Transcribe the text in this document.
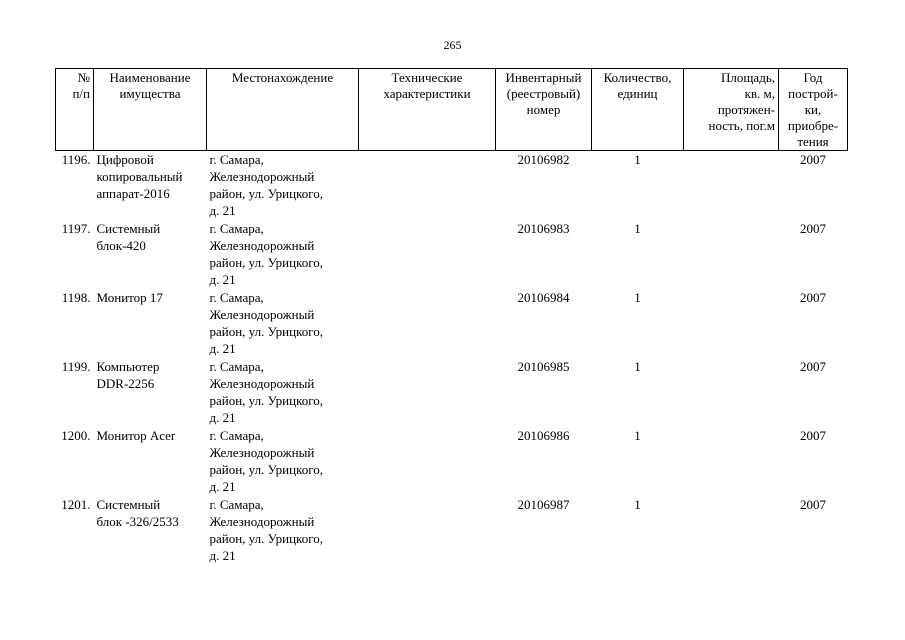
265
№
п/п	Наименование
имущества	Местонахождение	Технические
характеристики	Инвентарный
(реестровый)
номер	Количество,
единиц	Площадь,
кв. м,
протяжен-
ность, пог.м	Год
построй-
ки,
приобре-
тения
1196.	Цифровой
копировальный
аппарат-2016	г. Самара,
Железнодорожный
район, ул. Урицкого,
д. 21		20106982	1		2007
1197.	Системный
блок-420	г. Самара,
Железнодорожный
район, ул. Урицкого,
д. 21		20106983	1		2007
1198.	Монитор 17	г. Самара,
Железнодорожный
район, ул. Урицкого,
д. 21		20106984	1		2007
1199.	Компьютер
DDR-2256	г. Самара,
Железнодорожный
район, ул. Урицкого,
д. 21		20106985	1		2007
1200.	Монитор Acer	г. Самара,
Железнодорожный
район, ул. Урицкого,
д. 21		20106986	1		2007
1201.	Системный
блок -326/2533	г. Самара,
Железнодорожный
район, ул. Урицкого,
д. 21		20106987	1		2007
